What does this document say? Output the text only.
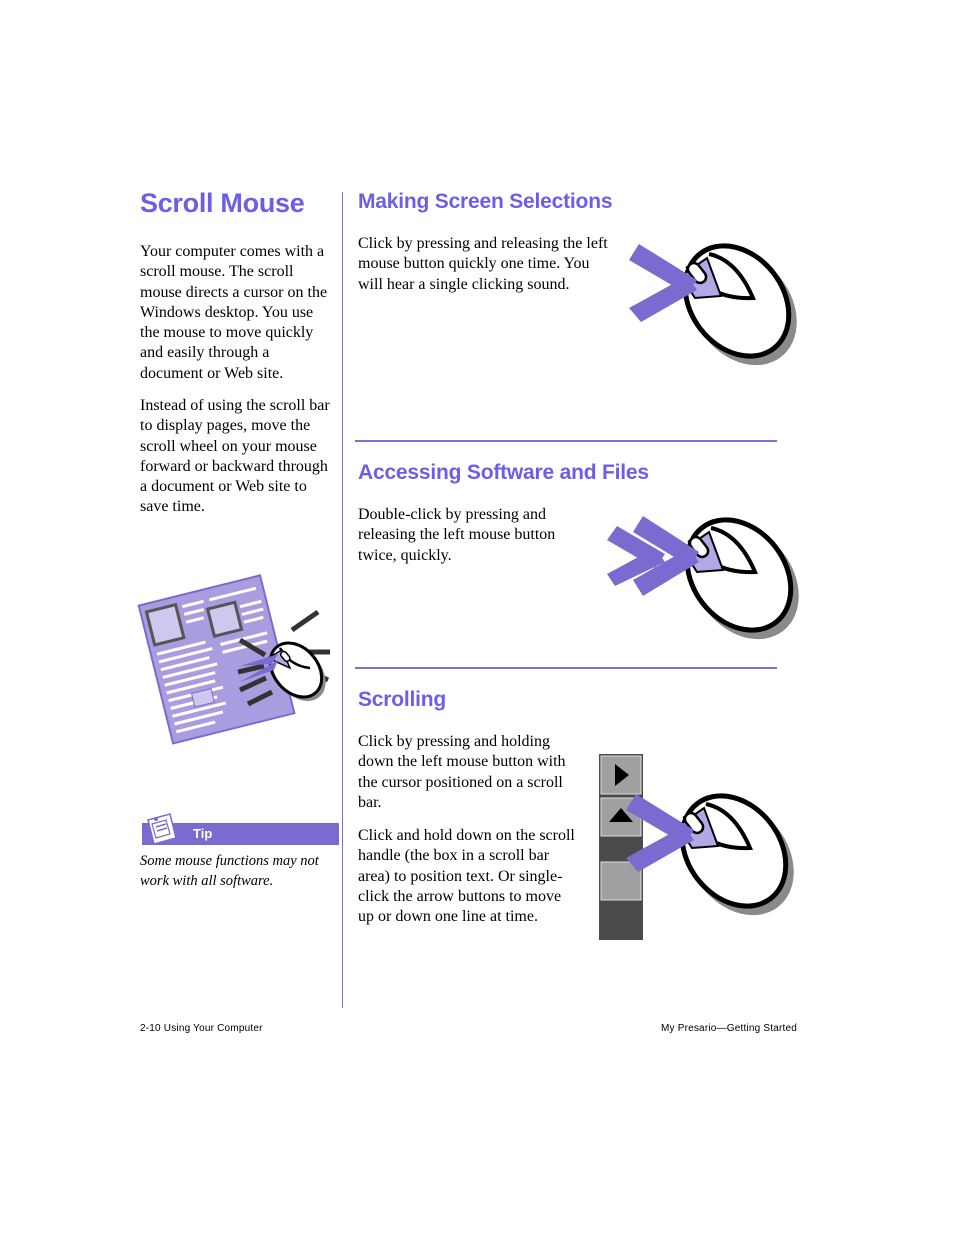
Scroll Mouse

Your computer comes with a scroll mouse. The scroll mouse directs a cursor on the Windows desktop. You use the mouse to move quickly and easily through a document or Web site.

Instead of using the scroll bar to display pages, move the scroll wheel on your mouse forward or backward through a document or Web site to save time.

Tip

Some mouse functions may not work with all software.

Making Screen Selections

Click by pressing and releasing the left mouse button quickly one time. You will hear a single clicking sound.

Accessing Software and Files

Double-click by pressing and releasing the left mouse button twice, quickly.

Scrolling

Click by pressing and holding down the left mouse button with the cursor positioned on a scroll bar.

Click and hold down on the scroll handle (the box in a scroll bar area) to position text. Or single-click the arrow buttons to move up or down one line at time.

2-10 Using Your Computer	My Presario—Getting Started
